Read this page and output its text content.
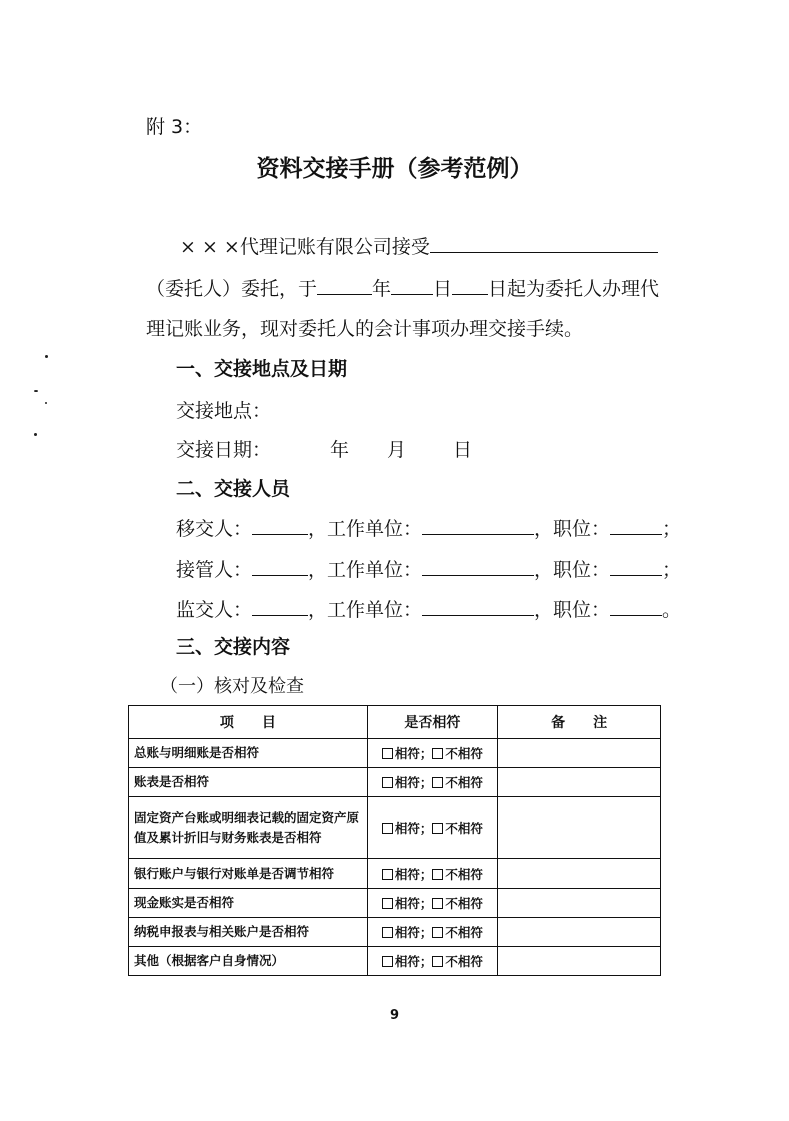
附 3：
资料交接手册（参考范例）
× × ×代理记账有限公司接受
（委托人）委托，于	年 日 日起为委托人办理代
理记账业务，现对委托人的会计事项办理交接手续。
一、交接地点及日期
交接地点：
交接日期：	年 月 日
二、交接人员
移交人：	，工作单位：	，职位：	；
接管人：	，工作单位：	，职位：	；
监交人：	，工作单位：	，职位：	。
三、交接内容
（一）核对及检查
项　　目	是否相符	备　　注
总账与明细账是否相符	相符； 不相符	
账表是否相符	相符； 不相符	
固定资产台账或明细表记载的固定资产原值及累计折旧与财务账表是否相符	相符； 不相符	
银行账户与银行对账单是否调节相符	相符； 不相符	
现金账实是否相符	相符； 不相符	
纳税申报表与相关账户是否相符	相符； 不相符	
其他（根据客户自身情况）	相符； 不相符	
9
